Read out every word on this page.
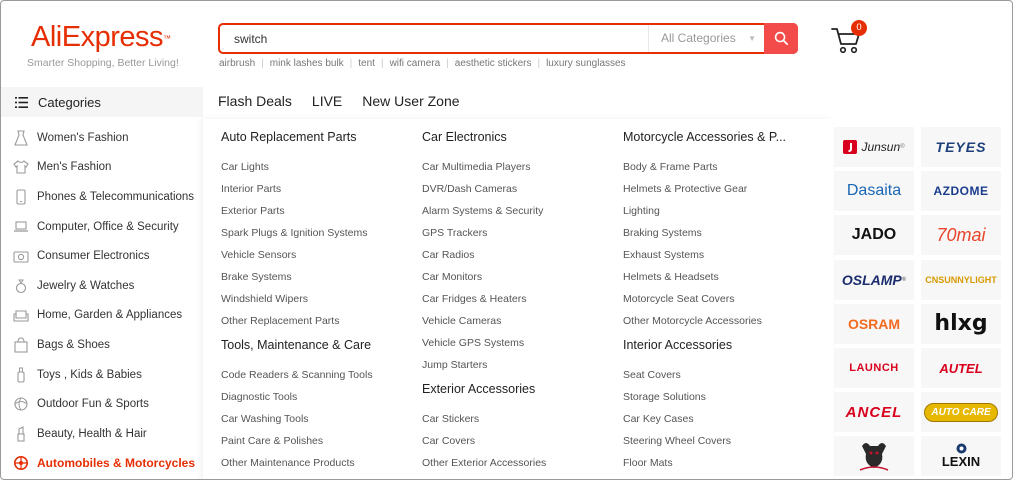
AliExpress™
Smarter Shopping, Better Living!
switch
All Categories ▼
airbrush | mink lashes bulk | tent | wifi camera | aesthetic stickers | luxury sunglasses
0
Categories
Women's Fashion
Men's Fashion
Phones & Telecommunications
Computer, Office & Security
Consumer Electronics
Jewelry & Watches
Home, Garden & Appliances
Bags & Shoes
Toys , Kids & Babies
Outdoor Fun & Sports
Beauty, Health & Hair
Automobiles & Motorcycles
Flash Deals LIVE New User Zone
Auto Replacement Parts
Car Lights
Interior Parts
Exterior Parts
Spark Plugs & Ignition Systems
Vehicle Sensors
Brake Systems
Windshield Wipers
Other Replacement Parts
Tools, Maintenance & Care
Code Readers & Scanning Tools
Diagnostic Tools
Car Washing Tools
Paint Care & Polishes
Other Maintenance Products
Car Electronics
Car Multimedia Players
DVR/Dash Cameras
Alarm Systems & Security
GPS Trackers
Car Radios
Car Monitors
Car Fridges & Heaters
Vehicle Cameras
Vehicle GPS Systems
Jump Starters
Exterior Accessories
Car Stickers
Car Covers
Other Exterior Accessories
Motorcycle Accessories & P...
Body & Frame Parts
Helmets & Protective Gear
Lighting
Braking Systems
Exhaust Systems
Helmets & Headsets
Motorcycle Seat Covers
Other Motorcycle Accessories
Interior Accessories
Seat Covers
Storage Solutions
Car Key Cases
Steering Wheel Covers
Floor Mats
Junsun ® TEYES
Dasaita	AZDOME
JADO 70mai
OSLAMP ® CNSUNNYLIGHT
OSRAM hlxg
LAUNCH	AUTEL
ANCEL	AUTO CARE
LEXIN
